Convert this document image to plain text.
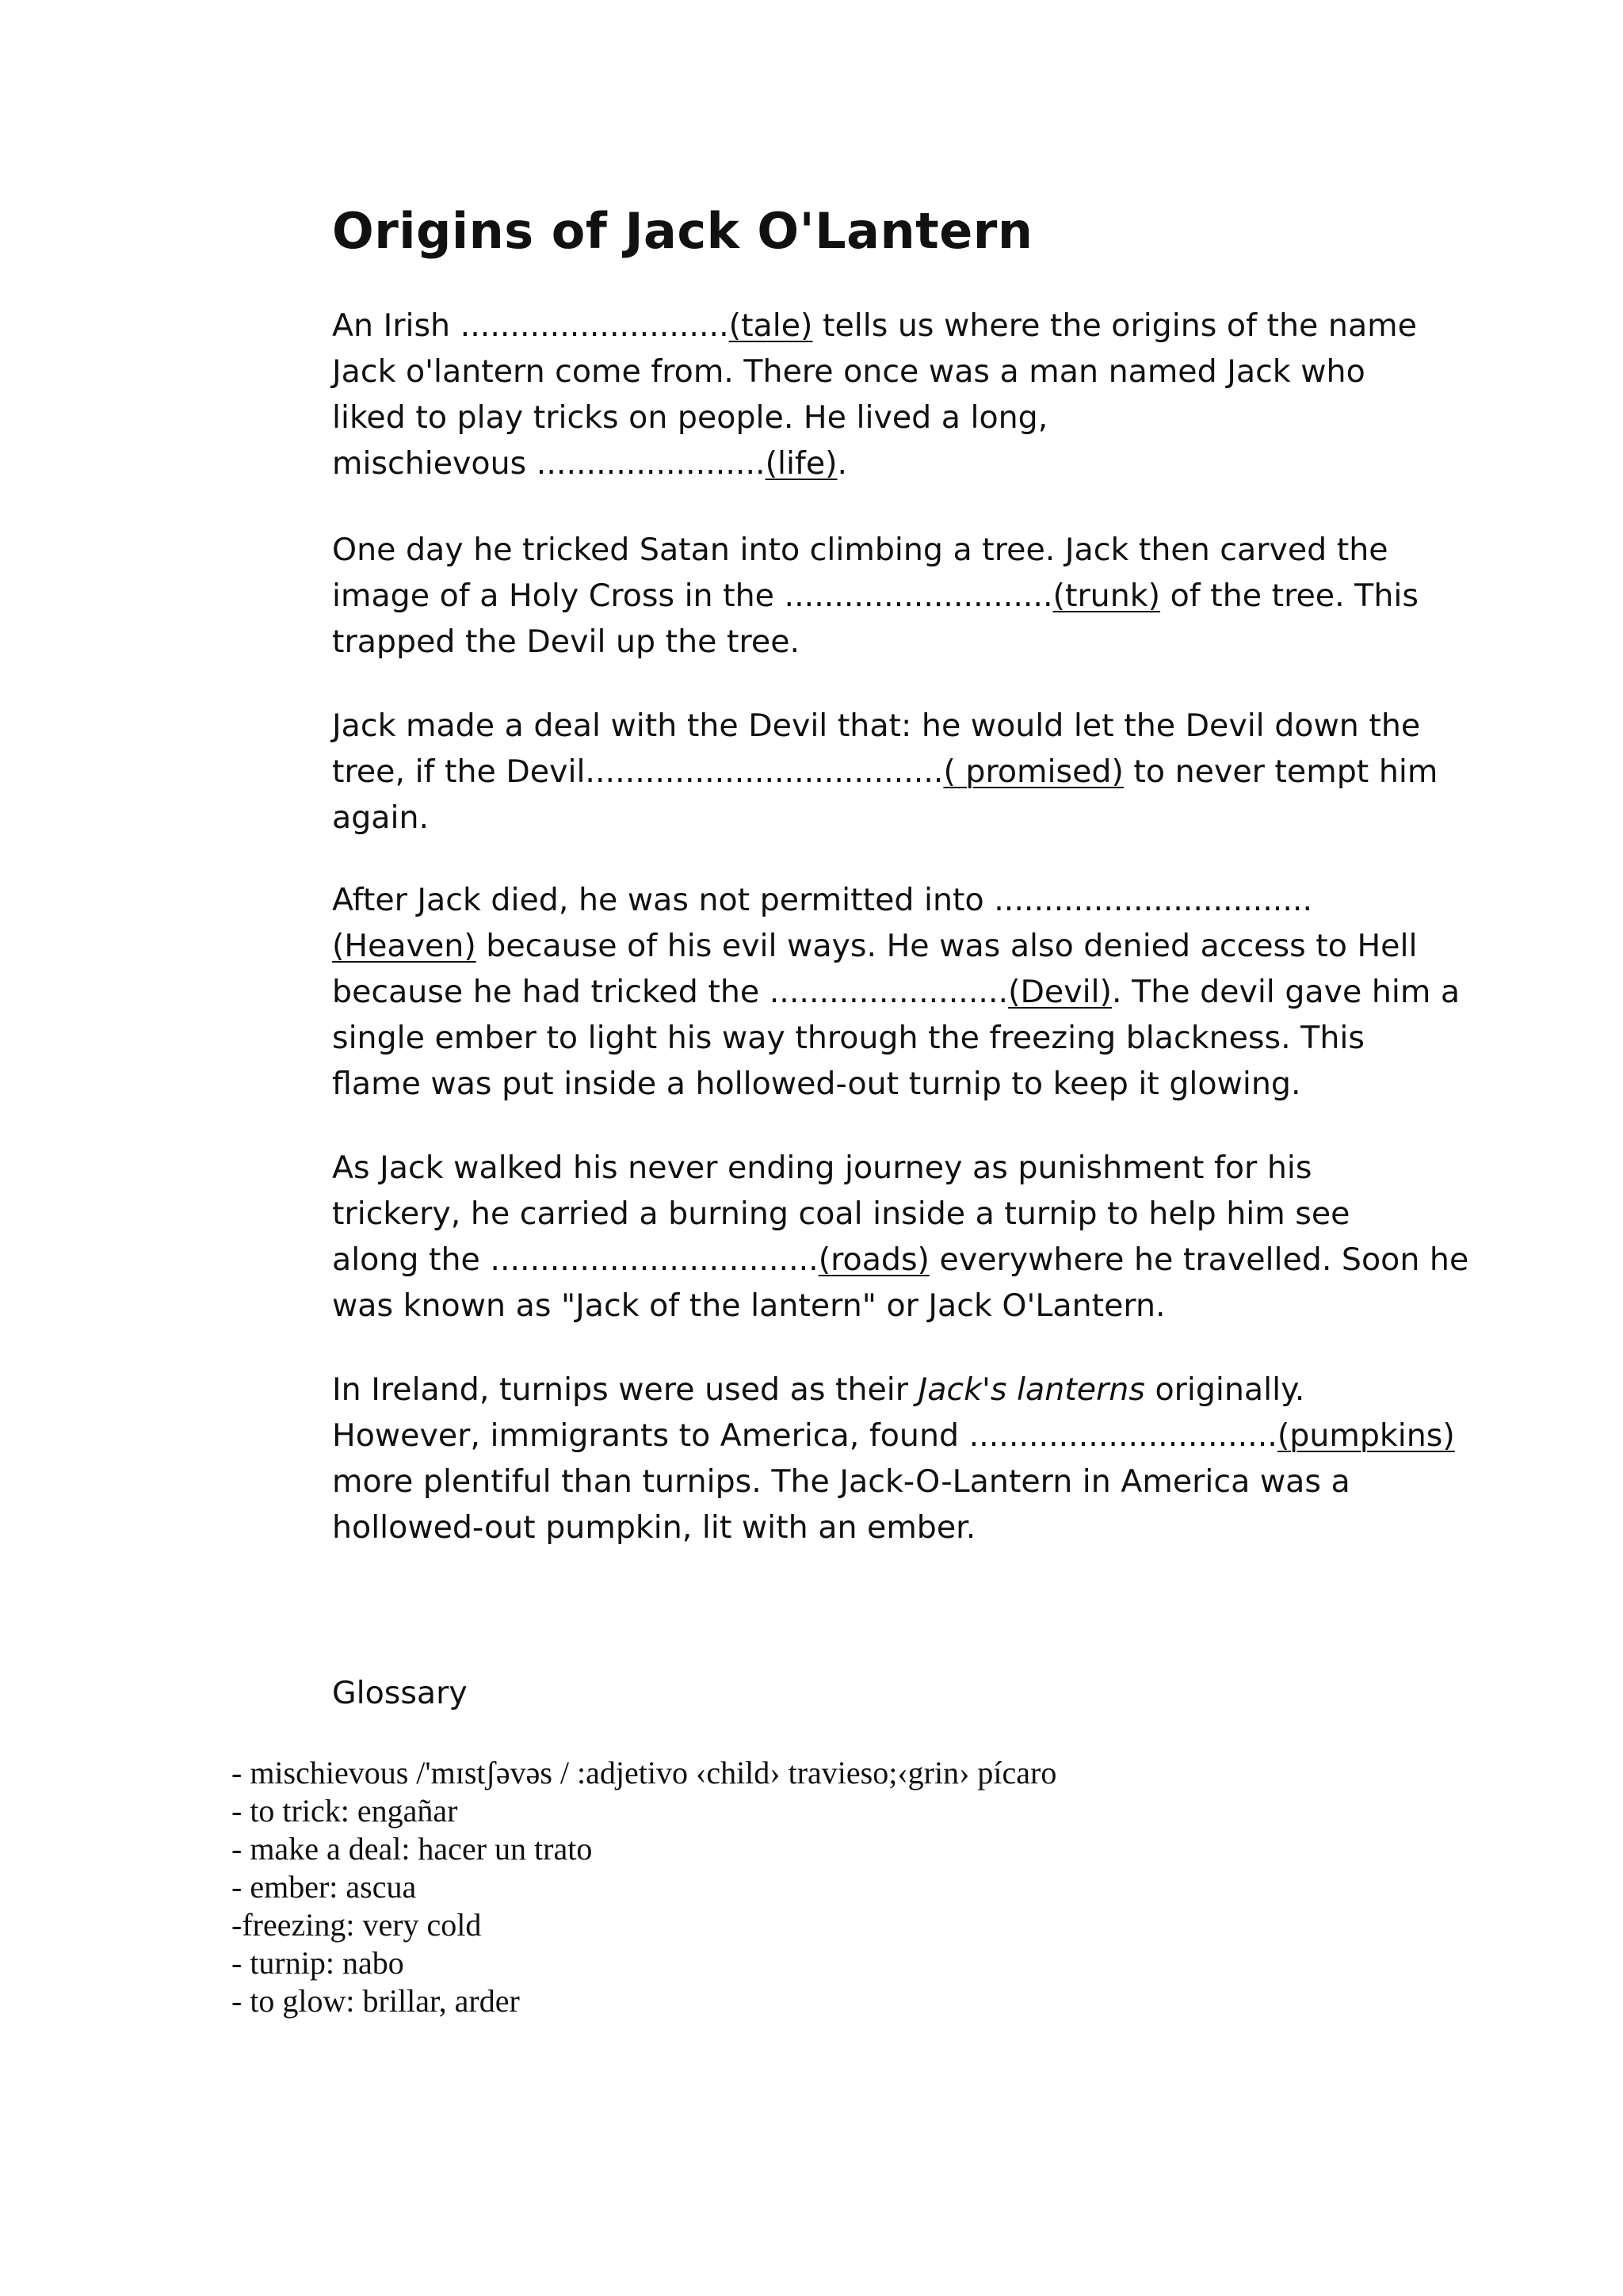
Origins of Jack O'Lantern

An Irish ...........................(tale) tells us where the origins of the name
Jack o'lantern come from. There once was a man named Jack who
liked to play tricks on people. He lived a long,
mischievous .......................(life).

One day he tricked Satan into climbing a tree. Jack then carved the
image of a Holy Cross in the ...........................(trunk) of the tree. This
trapped the Devil up the tree.

Jack made a deal with the Devil that: he would let the Devil down the
tree, if the Devil....................................( promised) to never tempt him
again.

After Jack died, he was not permitted into ................................
(Heaven) because of his evil ways. He was also denied access to Hell
because he had tricked the ........................(Devil). The devil gave him a
single ember to light his way through the freezing blackness. This
flame was put inside a hollowed-out turnip to keep it glowing.

As Jack walked his never ending journey as punishment for his
trickery, he carried a burning coal inside a turnip to help him see
along the .................................(roads) everywhere he travelled. Soon he
was known as "Jack of the lantern" or Jack O'Lantern.

In Ireland, turnips were used as their Jack's lanterns originally.
However, immigrants to America, found ...............................(pumpkins)
more plentiful than turnips. The Jack-O-Lantern in America was a
hollowed-out pumpkin, lit with an ember.

Glossary

- mischievous /'mɪstʃəvəs / :adjetivo ‹child› travieso;‹grin› pícaro
- to trick: engañar
- make a deal: hacer un trato
- ember: ascua
-freezing: very cold
- turnip: nabo
- to glow: brillar, arder
